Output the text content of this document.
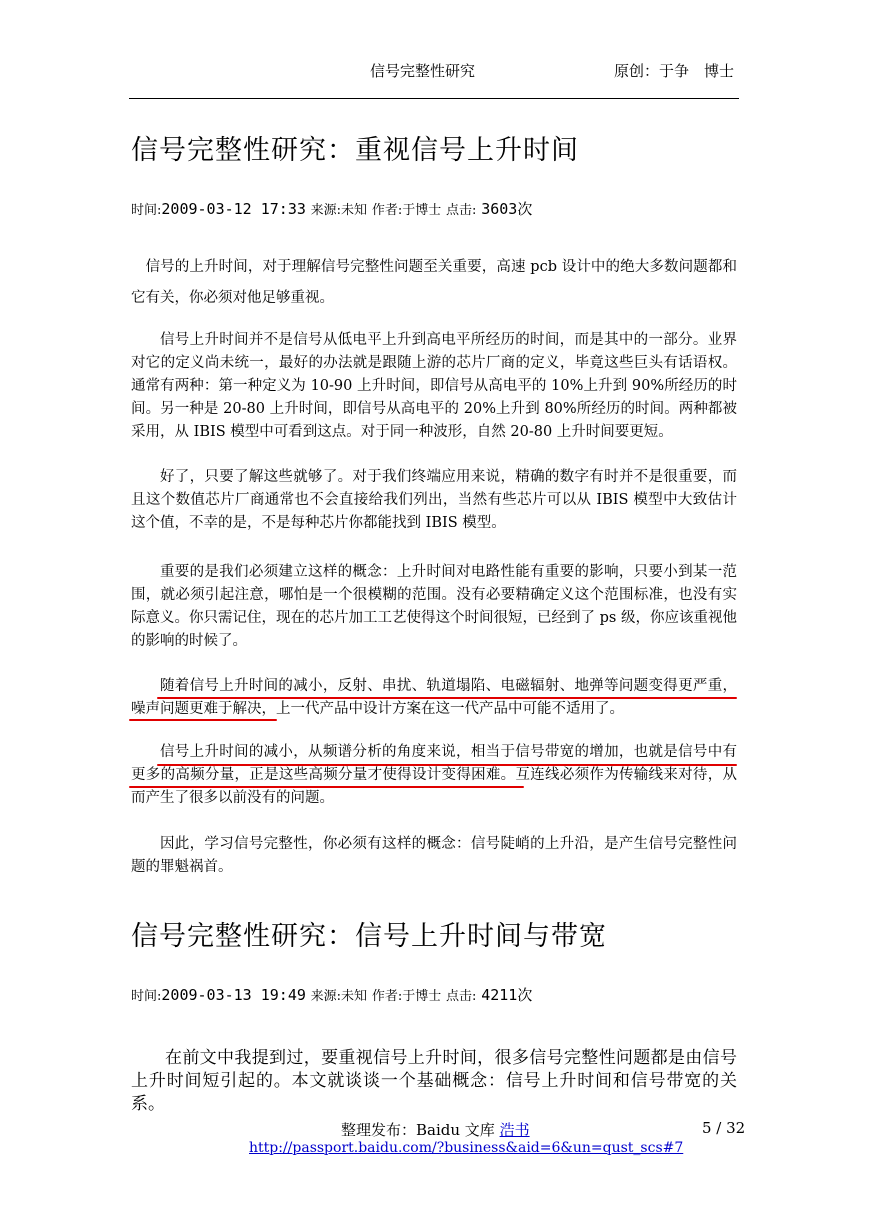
信号完整性研究	原创：于争　博士
信号完整性研究：重视信号上升时间
时间:2009-03-12 17:33 来源:未知 作者:于博士 点击: 3603次

信号的上升时间，对于理解信号完整性问题至关重要，高速 pcb 设计中的绝大多数问题都和它有关，你必须对他足够重视。

信号上升时间并不是信号从低电平上升到高电平所经历的时间，而是其中的一部分。业界对它的定义尚未统一，最好的办法就是跟随上游的芯片厂商的定义，毕竟这些巨头有话语权。通常有两种：第一种定义为 10-90 上升时间，即信号从高电平的 10%上升到 90%所经历的时间。另一种是 20-80 上升时间，即信号从高电平的 20%上升到 80%所经历的时间。两种都被采用，从 IBIS 模型中可看到这点。对于同一种波形，自然 20-80 上升时间要更短。

好了，只要了解这些就够了。对于我们终端应用来说，精确的数字有时并不是很重要，而且这个数值芯片厂商通常也不会直接给我们列出，当然有些芯片可以从 IBIS 模型中大致估计这个值，不幸的是，不是每种芯片你都能找到 IBIS 模型。

重要的是我们必须建立这样的概念：上升时间对电路性能有重要的影响，只要小到某一范围，就必须引起注意，哪怕是一个很模糊的范围。没有必要精确定义这个范围标准，也没有实际意义。你只需记住，现在的芯片加工工艺使得这个时间很短，已经到了 ps 级，你应该重视他的影响的时候了。

随着信号上升时间的减小，反射、串扰、轨道塌陷、电磁辐射、地弹等问题变得更严重，噪声问题更难于解决，上一代产品中设计方案在这一代产品中可能不适用了。

信号上升时间的减小，从频谱分析的角度来说，相当于信号带宽的增加，也就是信号中有更多的高频分量，正是这些高频分量才使得设计变得困难。互连线必须作为传输线来对待，从而产生了很多以前没有的问题。

因此，学习信号完整性，你必须有这样的概念：信号陡峭的上升沿，是产生信号完整性问题的罪魁祸首。

信号完整性研究：信号上升时间与带宽
时间:2009-03-13 19:49 来源:未知 作者:于博士 点击: 4211次

在前文中我提到过，要重视信号上升时间，很多信号完整性问题都是由信号上升时间短引起的。本文就谈谈一个基础概念：信号上升时间和信号带宽的关系。

整理发布：Baidu 文库 浩书	5 / 32
http://passport.baidu.com/?business&aid=6&un=qust_scs#7
